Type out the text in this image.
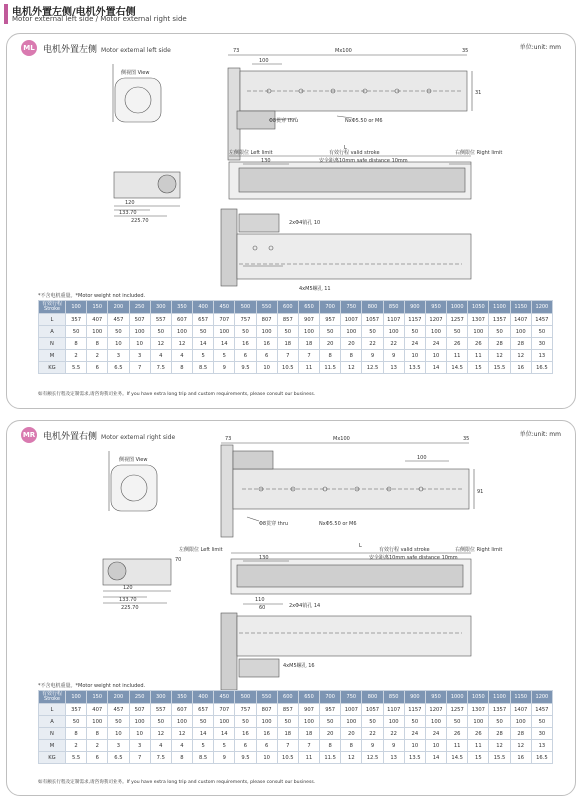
电机外置左侧/电机外置右侧
Motor external left side / Motor external right side
ML 电机外置左侧 Motor external left side	单位:unit: mm
73	Mx100	35
100
31
Φ8贯穿 thru	NxΦ5.50 or M6
侧视图 View
左侧限位 Left limit	右侧限位 Right limit
有效行程 valid stroke
安全距离10mm safe distance 10mm
130
L
120
133.70
225.70	2xΦ4销孔 10
4xM5螺孔 11
*不含电机重量。*Motor weight not included.
有效行程
Stroke	100	150	200	250	300	350	400	450	500	550	600	650	700	750	800	850	900	950	1000	1050	1100	1150	1200
L	357	407	457	507	557	607	657	707	757	807	857	907	957	1007	1057	1107	1157	1207	1257	1307	1357	1407	1457
A	50	100	50	100	50	100	50	100	50	100	50	100	50	100	50	100	50	100	50	100	50	100	50
N	8	8	10	10	12	12	14	14	16	16	18	18	20	20	22	22	24	24	26	26	28	28	30
M	2	2	3	3	4	4	5	5	6	6	7	7	8	8	9	9	10	10	11	11	12	12	13
KG	5.5	6	6.5	7	7.5	8	8.5	9	9.5	10	10.5	11	11.5	12	12.5	13	13.5	14	14.5	15	15.5	16	16.5
如有额长行程及定制需求,请咨询我司业务。If you have extra long trip and custom requirements, please consult our business.
MR 电机外置右侧 Motor external right side	单位:unit: mm
73	Mx100	35
100
91
Φ8贯穿 thru	NxΦ5.50 or M6
侧视图 View
左侧限位 Left limit	右侧限位 Right limit
有效行程 valid stroke
安全距离10mm safe distance 10mm
130
L
120
133.70
225.70
70
110
60	2xΦ4销孔 14
4xM5螺孔 16
*不含电机重量。*Motor weight not included.
有效行程
Stroke	100	150	200	250	300	350	400	450	500	550	600	650	700	750	800	850	900	950	1000	1050	1100	1150	1200
L	357	407	457	507	557	607	657	707	757	807	857	907	957	1007	1057	1107	1157	1207	1257	1307	1357	1407	1457
A	50	100	50	100	50	100	50	100	50	100	50	100	50	100	50	100	50	100	50	100	50	100	50
N	8	8	10	10	12	12	14	14	16	16	18	18	20	20	22	22	24	24	26	26	28	28	30
M	2	2	3	3	4	4	5	5	6	6	7	7	8	8	9	9	10	10	11	11	12	12	13
KG	5.5	6	6.5	7	7.5	8	8.5	9	9.5	10	10.5	11	11.5	12	12.5	13	13.5	14	14.5	15	15.5	16	16.5
如有额长行程及定制需求,请咨询我司业务。If you have extra long trip and custom requirements, please consult our business.
